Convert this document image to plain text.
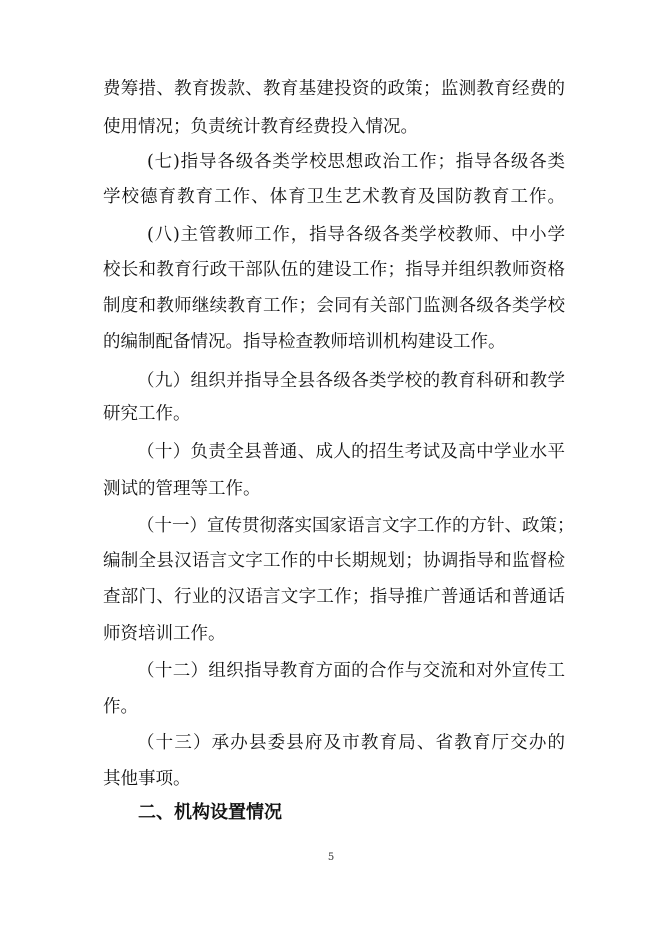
费筹措、教育拨款、教育基建投资的政策；监测教育经费的
使用情况；负责统计教育经费投入情况。
(七)指导各级各类学校思想政治工作；指导各级各类
学校德育教育工作、体育卫生艺术教育及国防教育工作。
(八)主管教师工作，指导各级各类学校教师、中小学
校长和教育行政干部队伍的建设工作；指导并组织教师资格
制度和教师继续教育工作；会同有关部门监测各级各类学校
的编制配备情况。指导检查教师培训机构建设工作。
（九）组织并指导全县各级各类学校的教育科研和教学
研究工作。
（十）负责全县普通、成人的招生考试及高中学业水平
测试的管理等工作。
（十一）宣传贯彻落实国家语言文字工作的方针、政策；
编制全县汉语言文字工作的中长期规划；协调指导和监督检
查部门、行业的汉语言文字工作；指导推广普通话和普通话
师资培训工作。
（十二）组织指导教育方面的合作与交流和对外宣传工
作。
（十三）承办县委县府及市教育局、省教育厅交办的
其他事项。
二、机构设置情况
5
